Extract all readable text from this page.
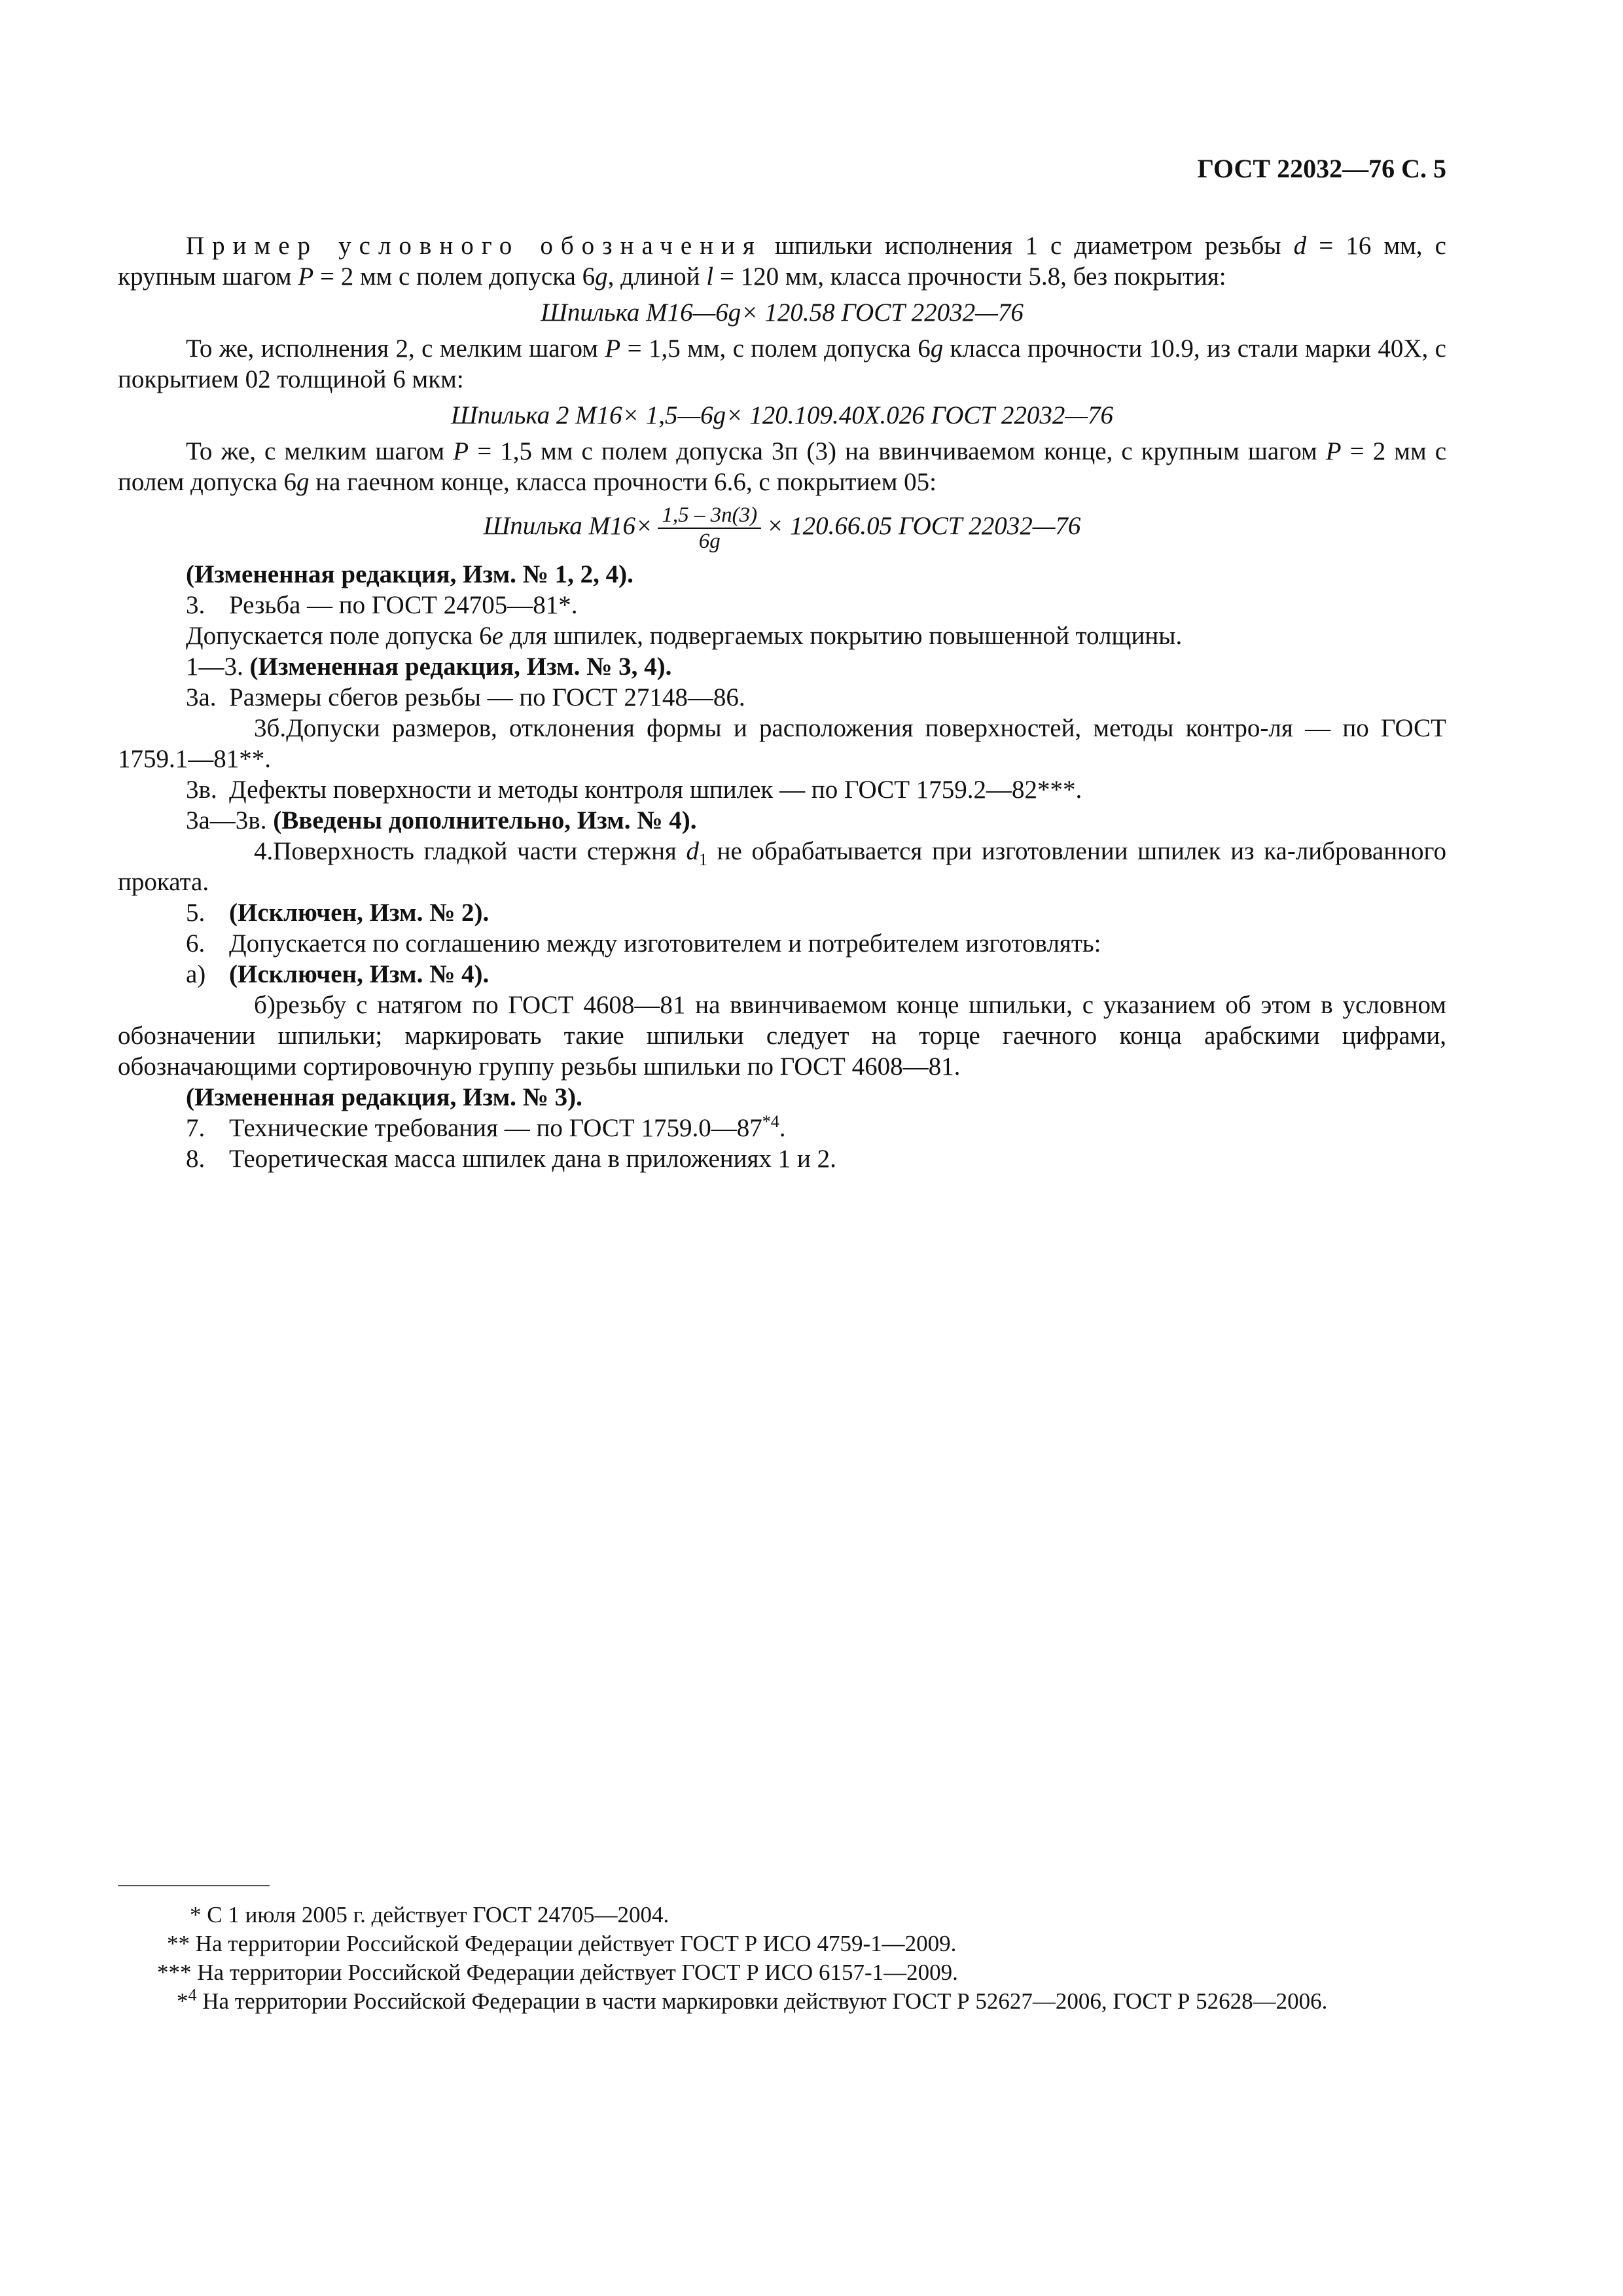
ГОСТ 22032—76 С. 5

Пример условного обозначения шпильки исполнения 1 с диаметром резьбы d = 16 мм, с крупным шагом P = 2 мм с полем допуска 6g, длиной l = 120 мм, класса прочности 5.8, без покрытия:

Шпилька М16—6g× 120.58 ГОСТ 22032—76

То же, исполнения 2, с мелким шагом P = 1,5 мм, с полем допуска 6g класса прочности 10.9, из стали марки 40Х, с покрытием 02 толщиной 6 мкм:

Шпилька 2 М16× 1,5—6g× 120.109.40Х.026 ГОСТ 22032—76

То же, с мелким шагом P = 1,5 мм с полем допуска 3п (3) на ввинчиваемом конце, с крупным шагом P = 2 мм с полем допуска 6g на гаечном конце, класса прочности 6.6, с покрытием 05:

Шпилька $М16\times \frac{1,5 - 3n(3)}{6g} \times 120.66.05$ ГОСТ 22032—76

(Измененная редакция, Изм. № 1, 2, 4).

3. Резьба — по ГОСТ 24705—81*.

Допускается поле допуска 6e для шпилек, подвергаемых покрытию повышенной толщины.

1—3. (Измененная редакция, Изм. № 3, 4).

3а. Размеры сбегов резьбы — по ГОСТ 27148—86.

3б.Допуски размеров, отклонения формы и расположения поверхностей, методы контро-ля — по ГОСТ 1759.1—81**.

3в. Дефекты поверхности и методы контроля шпилек — по ГОСТ 1759.2—82***.

3а—3в. (Введены дополнительно, Изм. № 4).

4.Поверхность гладкой части стержня $d_1$ не обрабатывается при изготовлении шпилек из ка-либрованного проката.

5. (Исключен, Изм. № 2).

6. Допускается по соглашению между изготовителем и потребителем изготовлять:

а) (Исключен, Изм. № 4).

б)резьбу с натягом по ГОСТ 4608—81 на ввинчиваемом конце шпильки, с указанием об этом в условном обозначении шпильки; маркировать такие шпильки следует на торце гаечного конца арабскими цифрами, обозначающими сортировочную группу резьбы шпильки по ГОСТ 4608—81.

(Измененная редакция, Изм. № 3).

7. Технические требования — по ГОСТ 1759.0—87$^{*4}$.

8. Теоретическая масса шпилек дана в приложениях 1 и 2.

* С 1 июля 2005 г. действует ГОСТ 24705—2004.

** На территории Российской Федерации действует ГОСТ Р ИСО 4759-1—2009.

*** На территории Российской Федерации действует ГОСТ Р ИСО 6157-1—2009.

*$^4$ На территории Российской Федерации в части маркировки действуют ГОСТ Р 52627—2006, ГОСТ Р 52628—2006.
